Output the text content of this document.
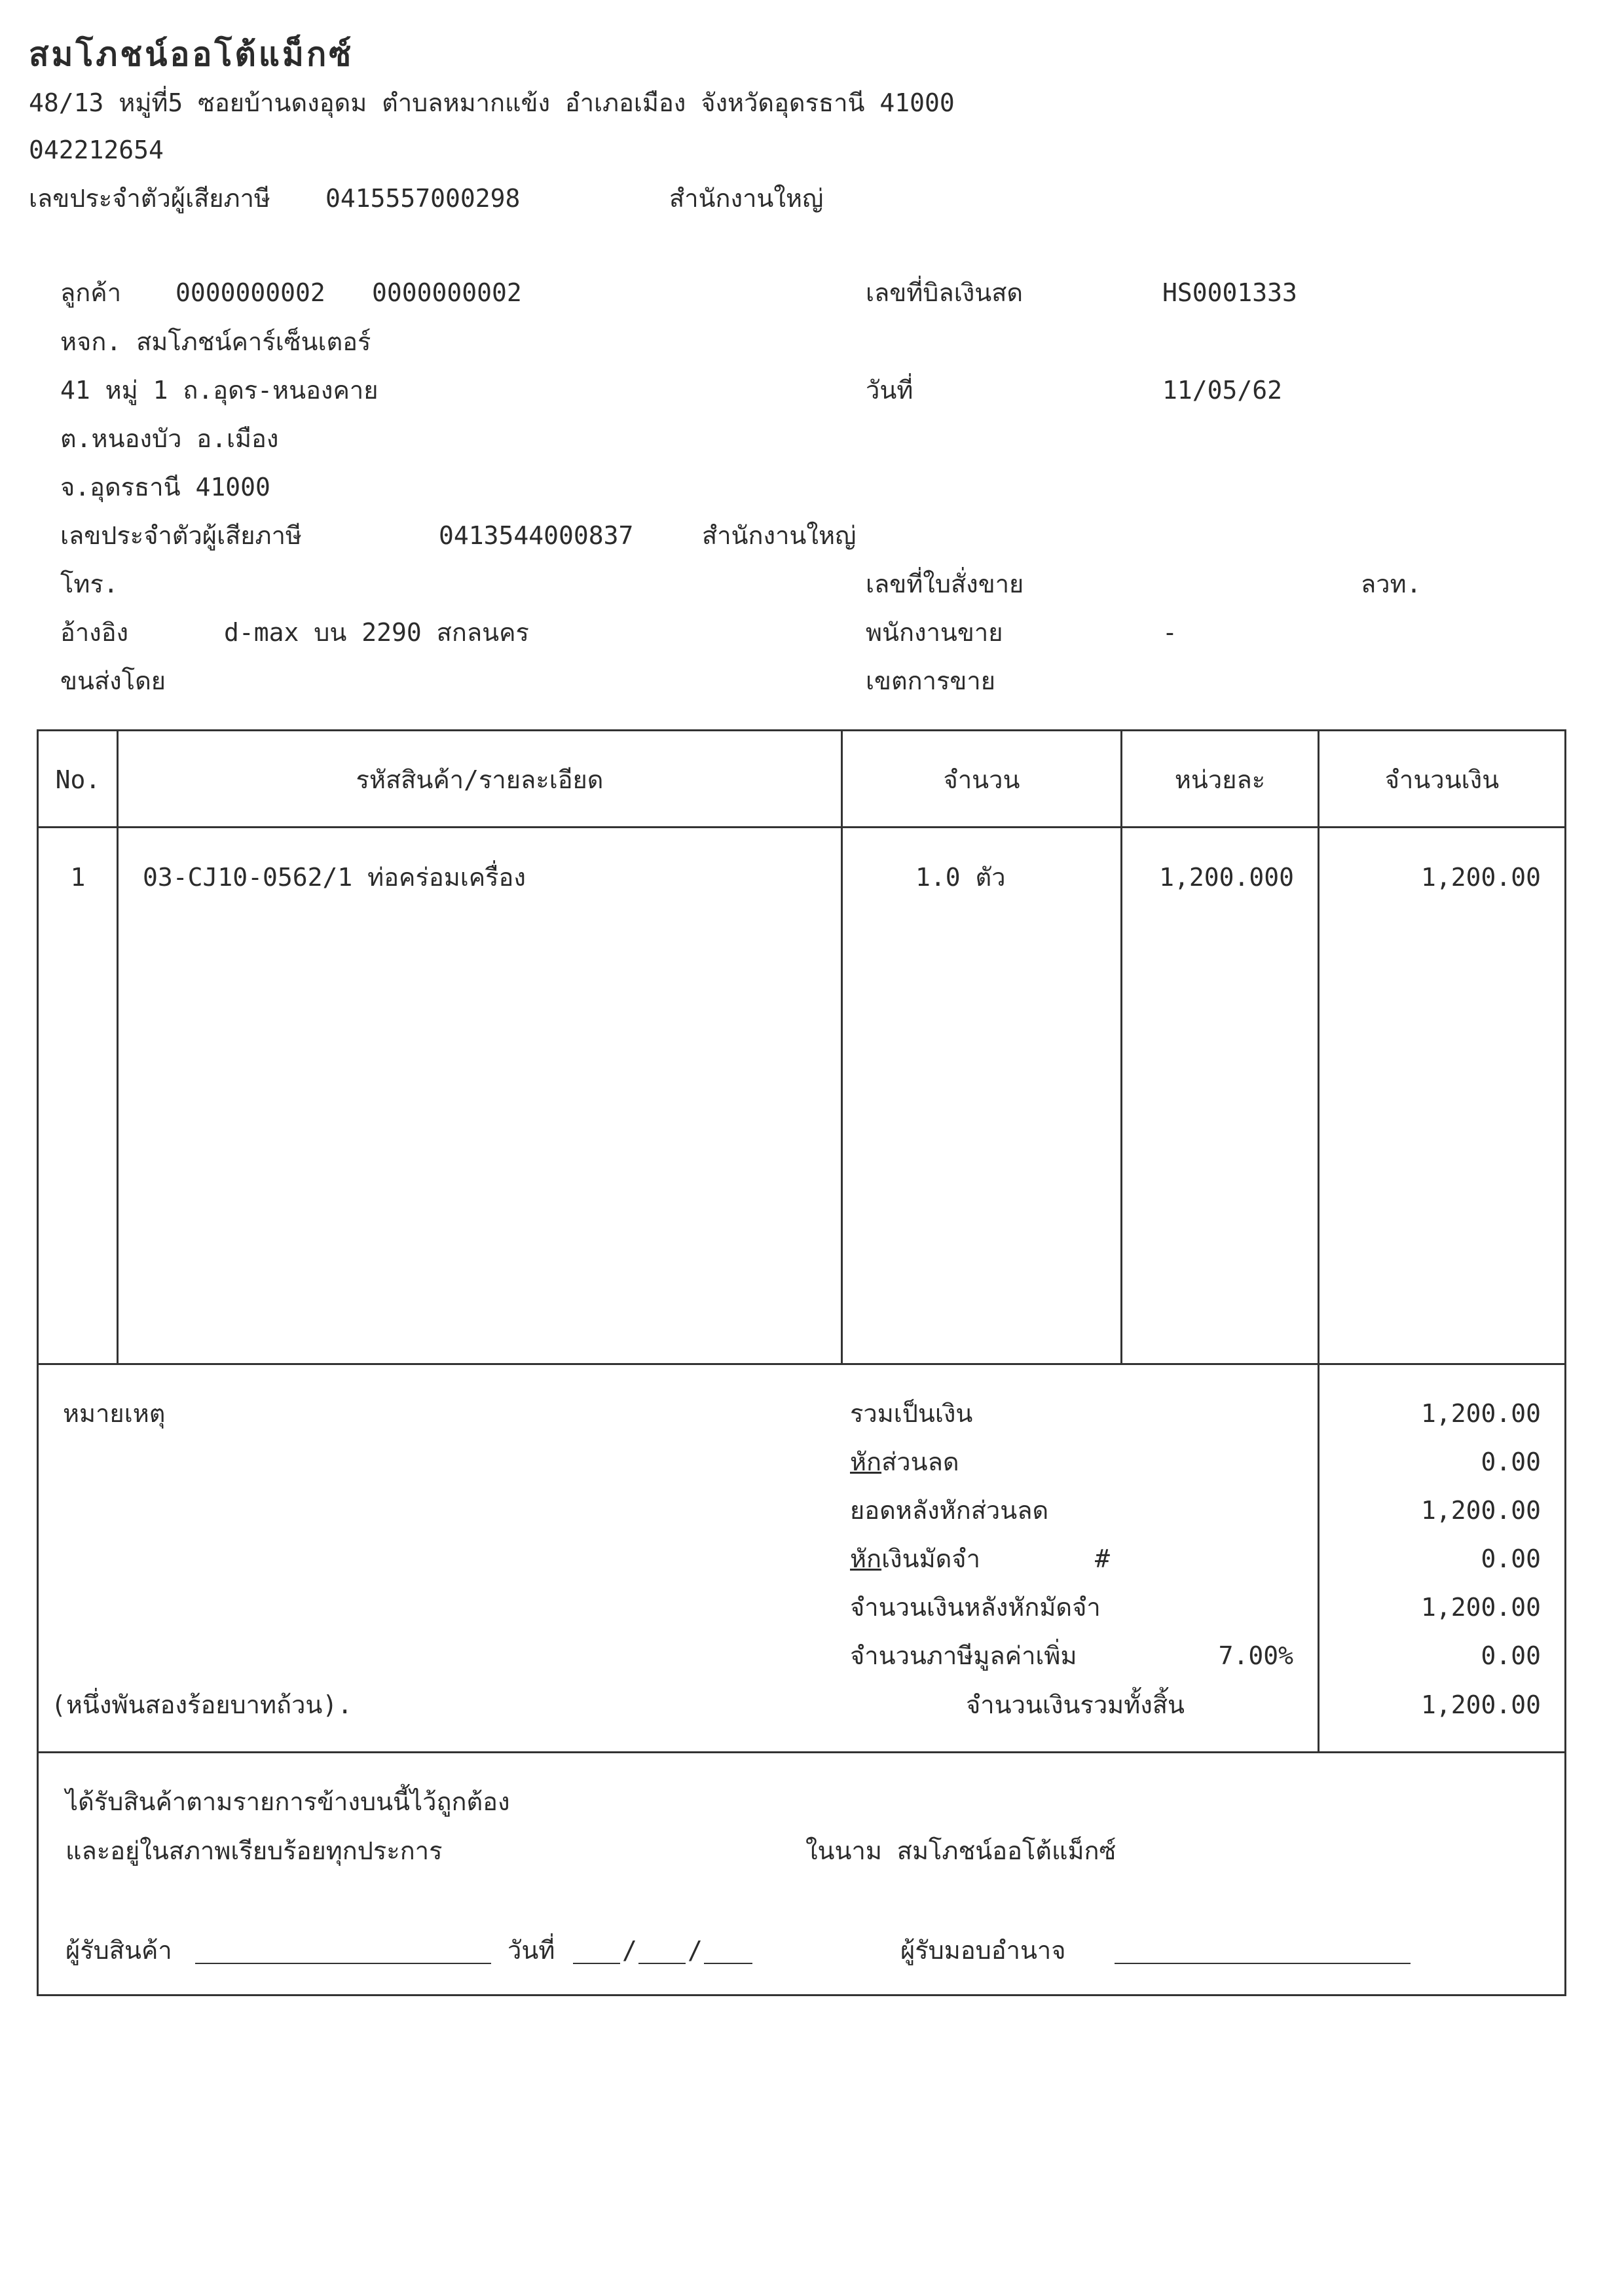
สมโภชน์ออโต้แม็กซ์
48/13 หมู่ที่5 ซอยบ้านดงอุดม ตำบลหมากแข้ง อำเภอเมือง จังหวัดอุดรธานี 41000
042212654
เลขประจำตัวผู้เสียภาษี 0415557000298	สำนักงานใหญ่
ลูกค้า 0000000002 0000000002
หจก. สมโภชน์คาร์เซ็นเตอร์
41 หมู่ 1 ถ.อุดร-หนองคาย
ต.หนองบัว อ.เมือง
จ.อุดรธานี 41000
เลขประจำตัวผู้เสียภาษี	0413544000837	สำนักงานใหญ่
โทร.
อ้างอิง	d-max บน 2290 สกลนคร
ขนส่งโดย
เลขที่บิลเงินสด	HS0001333
วันที่	11/05/62
เลขที่ใบสั่งขาย	ลวท.
พนักงานขาย	-
เขตการขาย
No.	รหัสสินค้า/รายละเอียด	จำนวน	หน่วยละ	จำนวนเงิน
1	03-CJ10-0562/1 ท่อคร่อมเครื่อง	1.0 ตัว	1,200.000	1,200.00
หมายเหตุ
(หนึ่งพันสองร้อยบาทถ้วน).
รวมเป็นเงิน	1,200.00
หักส่วนลด	0.00
ยอดหลังหักส่วนลด	1,200.00
หักเงินมัดจำ	#	0.00
จำนวนเงินหลังหักมัดจำ	1,200.00
จำนวนภาษีมูลค่าเพิ่ม	7.00%	0.00
จำนวนเงินรวมทั้งสิ้น	1,200.00
ได้รับสินค้าตามรายการข้างบนนี้ไว้ถูกต้อง
และอยู่ในสภาพเรียบร้อยทุกประการ	ในนาม สมโภชน์ออโต้แม็กซ์
ผู้รับสินค้า	วันที่	/ /	ผู้รับมอบอำนาจ
